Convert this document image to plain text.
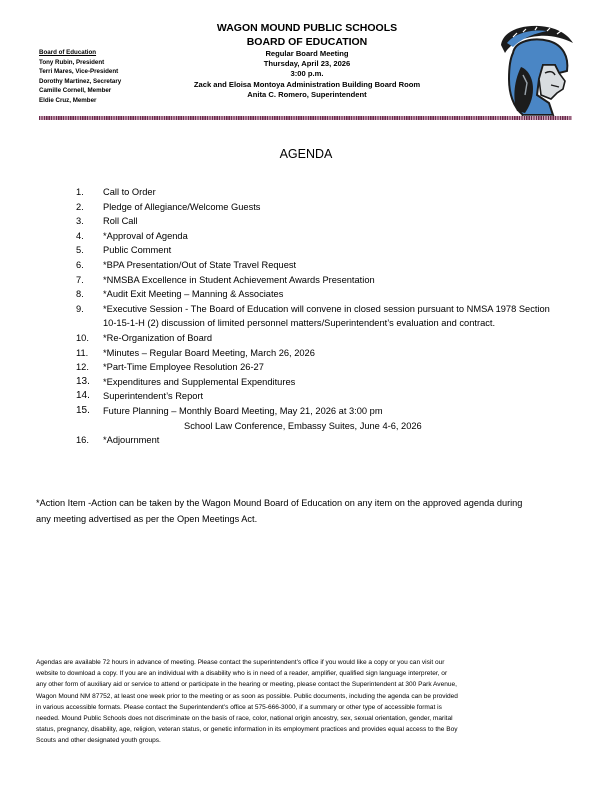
Board of Education
Tony Rubin, President
Terri Mares, Vice-President
Dorothy Martinez, Secretary
Camille Cornell, Member
Eldie Cruz, Member
WAGON MOUND PUBLIC SCHOOLS
BOARD OF EDUCATION
Regular Board Meeting
Thursday, April 23, 2026
3:00 p.m.
Zack and Eloisa Montoya Administration Building Board Room
Anita C. Romero, Superintendent
AGENDA
1. Call to Order
2. Pledge of Allegiance/Welcome Guests
3. Roll Call
4. *Approval of Agenda
5. Public Comment
6. *BPA Presentation/Out of State Travel Request
7. *NMSBA Excellence in Student Achievement Awards Presentation
8. *Audit Exit Meeting – Manning & Associates
9. *Executive Session - The Board of Education will convene in closed session pursuant to NMSA 1978 Section
10-15-1-H (2) discussion of limited personnel matters/Superintendent’s evaluation and contract.
10. *Re-Organization of Board
11. *Minutes – Regular Board Meeting, March 26, 2026
12. *Part-Time Employee Resolution 26-27
13. *Expenditures and Supplemental Expenditures
14. Superintendent’s Report
15. Future Planning – Monthly Board Meeting, May 21, 2026 at 3:00 pm
School Law Conference, Embassy Suites, June 4-6, 2026
16. *Adjournment
*Action Item -Action can be taken by the Wagon Mound Board of Education on any item on the approved agenda during
any meeting advertised as per the Open Meetings Act.
Agendas are available 72 hours in advance of meeting. Please contact the superintendent’s office if you would like a copy or you can visit our
website to download a copy. If you are an individual with a disability who is in need of a reader, amplifier, qualified sign language interpreter, or
any other form of auxiliary aid or service to attend or participate in the hearing or meeting, please contact the Superintendent at 300 Park Avenue,
Wagon Mound NM 87752, at least one week prior to the meeting or as soon as possible. Public documents, including the agenda can be provided
in various accessible formats. Please contact the Superintendent’s office at 575-666-3000, if a summary or other type of accessible format is
needed. Mound Public Schools does not discriminate on the basis of race, color, national origin ancestry, sex, sexual orientation, gender, marital
status, pregnancy, disability, age, religion, veteran status, or genetic information in its employment practices and provides equal access to the Boy
Scouts and other designated youth groups.
